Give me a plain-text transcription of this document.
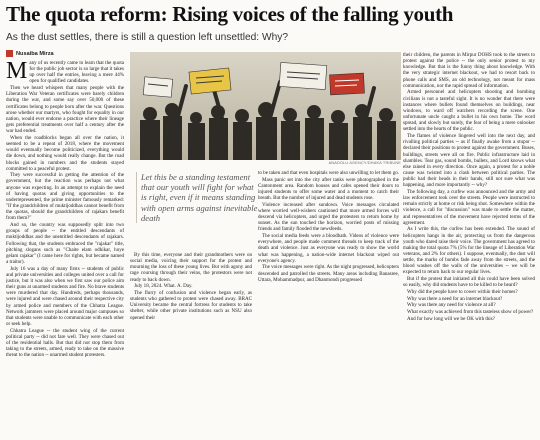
The quota reform: Rising voices of the falling youth
As the dust settles, there is still a question left unsettled: Why?
Nusaiba Mirza

Many of us recently came to learn that the quota for the public job sector is so large that it takes up over half the entries, leaving a mere 44% open for qualified candidates.

Then we heard whispers that many people with the Liberation War Veteran certificates were barely children during the war, and some say over 50,000 of these certificates belong to people born after the war. Questions arose whether our martyrs, who fought for equality in our nation, would ever endorse a practice where their lineage gets preferential treatments over half a century after the war had ended.

When the roadblocks began all over the nation, it seemed to be a repeat of 2018, where the movement would eventually become politicized, everything would die down, and nothing would really change. But the road blocks gained in numbers and the students stayed committed to a peaceful protest.

They were successful in getting the attention of the government, but the reaction was perhaps not what anyone was expecting. In an attempt to explain the need of having quotas and giving opportunities to the underrepresented, the prime minister famously remarked: "If the grandchildren of muktijoddhas cannot benefit from the quotas, should the grandchildren of rajakars benefit from them?"

And so, the country was supposedly split into two groups of people -- the entitled descendants of muktijoddhas and the unentitled descendants of rajakars. Following that, the students embraced the "rajakar" title, pitching slogans such as "Chaite elam odhikar, hoye gelam rajakar" (I came here for rights, but became named a traitor).

July 16 was a day of many firsts -- students of public and private universities and colleges united over a call for justice, but it was also when we first saw our police aim their guns at unarmed students and fire. No brave students were murdered that day. Hundreds, perhaps thousands, were injured and were chased around their respective city by armed police and members of the Chhatra League. Network jammers were placed around major campuses so that students were unable to communicate with each other or seek help.

Chhatra League -- the student wing of the current political party -- did not fare well. They were chased out of the residential halls. But that did not stop them from taking to the streets, armed, ready to take on the massive threat to the nation -- unarmed student protesters.

ANADOLU AGENCY/DHAKA TRIBUNE
Let this be a standing testament that our youth will fight for what is right, even if it means standing with open arms against inevitable death

By this time, everyone and their grandmothers were on social media, voicing their support for the protest and mourning the loss of these young lives. But with agony and rage coursing through their veins, the protestors were not ready to back down.

July 18, 2024. What. A. Day.

The flurry of confusion and violence began early, as students who gathered to protest were chased away. BRAC University became the central fortress for students to take shelter, while other private institutions such as NSU also opened their

to be taken and that even hospitals were also unwilling to let them go.

Mass panic set into the city after tanks were photographed in the Cantonment area. Random houses and cafes opened their doors to injured students to offer some water and a moment to catch their breath. But the number of injured and dead students rose.

Violence increased after sundown. Voice messages circulated where worried well-wishers cautioned that more armed forces will descend via helicopters, and urged the protesters to return home by sunset. As the sun touched the horizon, worried posts of missing friends and family flooded the newsfeeds.

The social media feeds were a bloodbath. Videos of violence were everywhere, and people made comment threads to keep track of the death and violence. Just as everyone was ready to show the world what was happening, a nation-wide internet blackout wiped out everyone's agency.

The voice messages were right. As the night progressed, helicopters descended and patrolled the streets. Many areas including Banasree, Uttara, Mohammadpur, and Dhanmondi progressed

their children, the parents in Mirpur DOHS took to the streets to protest against the police -- the only senior protest to my knowledge. But that is the funny thing about knowledge. With the very strategic internet blackout, we had to resort back to phone calls and SMS, an old technology, not meant for mass communication, nor the rapid spread of information.

Armed personnel and helicopters shooting and bombing civilians is not a tasteful sight. It is no wonder that there were instances where bullets found themselves on buildings, near windows, to ward off watchers recording the scene. One unfortunate uncle caught a bullet in his own home. The word spread, and slowly but surely, the fear of being a mere onlooker settled into the hearts of the public.

The flames of violence lingered well into the next day, and rivalling political parties -- as if finally awake from a stupor -- declared their positions to protest against the government. Buses, buildings, streets were all on fire. Public infrastructure laid in shambles. Tear gas, sound bombs, bullets, and Lord knows what else rained in every direction. Once again, a protest for a noble cause was twisted into a clash between political parties. The public had their heads in their hands, still not sure what was happening, and more importantly -- why?

The following day, a curfew was announced and the army and law enforcement took over the streets. People were instructed to remain strictly at home or risk being shot. Somewhere within the violence, a call for "discussion" was made to settle the matter, and representatives of the movement have rejected terms of the agreement.

As I write this, the curfew has been extended. The sound of helicopters hangs in the air, protecting us from the dangerous youth who dared raise their voice. The government has agreed to making the total quota 7% (5% for the lineage of Liberation War veterans, and 2% for others). I suppose, eventually, the dust will settle, the marks of bombs fade away from the streets, and the blood washes off the walls of the universities -- we will be expected to return back to our regular lives.

But if the protest that initiated all this could have been solved so easily, why did students have to be killed to be heard?

Why did the people have to cower within their homes?

Why was there a need for an internet blackout?

Why was there any need for violence at all?

What exactly was achieved from this tasteless show of power?

And for how long will we be OK with this?
